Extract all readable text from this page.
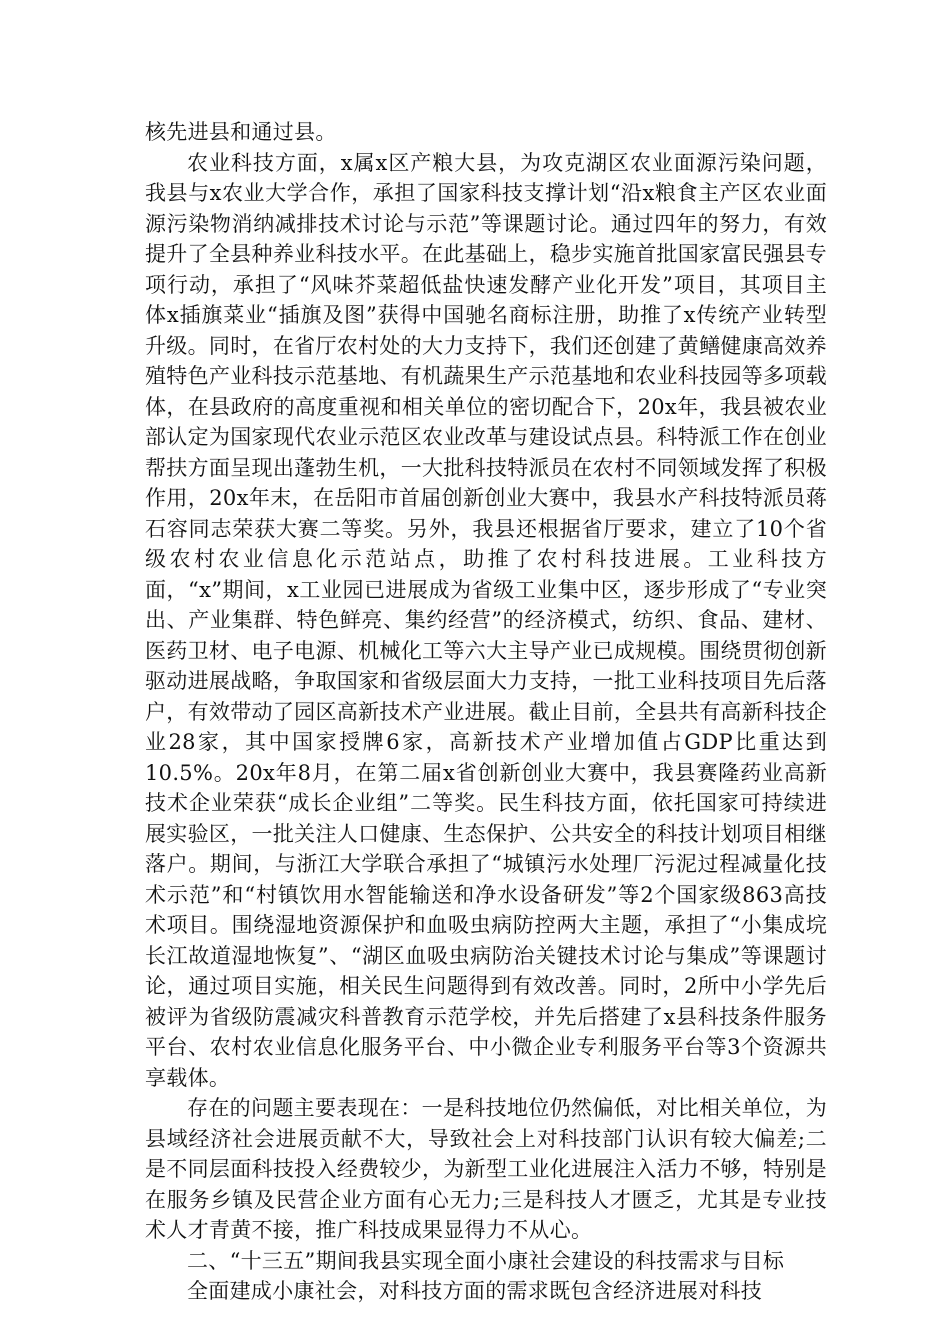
核先进县和通过县。

农业科技方面，x属x区产粮大县，为攻克湖区农业面源污染问题，我县与x农业大学合作，承担了国家科技支撑计划“沿x粮食主产区农业面源污染物消纳减排技术讨论与示范”等课题讨论。通过四年的努力，有效提升了全县种养业科技水平。在此基础上，稳步实施首批国家富民强县专项行动，承担了“风味芥菜超低盐快速发酵产业化开发”项目，其项目主体x插旗菜业“插旗及图”获得中国驰名商标注册，助推了x传统产业转型升级。同时，在省厅农村处的大力支持下，我们还创建了黄鳝健康高效养殖特色产业科技示范基地、有机蔬果生产示范基地和农业科技园等多项载体，在县政府的高度重视和相关单位的密切配合下，20x年，我县被农业部认定为国家现代农业示范区农业改革与建设试点县。科特派工作在创业帮扶方面呈现出蓬勃生机，一大批科技特派员在农村不同领域发挥了积极作用，20x年末，在岳阳市首届创新创业大赛中，我县水产科技特派员蒋石容同志荣获大赛二等奖。另外，我县还根据省厅要求，建立了10个省级农村农业信息化示范站点，助推了农村科技进展。工业科技方面，“x”期间，x工业园已进展成为省级工业集中区，逐步形成了“专业突出、产业集群、特色鲜亮、集约经营”的经济模式，纺织、食品、建材、医药卫材、电子电源、机械化工等六大主导产业已成规模。围绕贯彻创新驱动进展战略，争取国家和省级层面大力支持，一批工业科技项目先后落户，有效带动了园区高新技术产业进展。截止目前，全县共有高新科技企业28家，其中国家授牌6家，高新技术产业增加值占GDP比重达到10.5%。20x年8月，在第二届x省创新创业大赛中，我县赛隆药业高新技术企业荣获“成长企业组”二等奖。民生科技方面，依托国家可持续进展实验区，一批关注人口健康、生态保护、公共安全的科技计划项目相继落户。期间，与浙江大学联合承担了“城镇污水处理厂污泥过程减量化技术示范”和“村镇饮用水智能输送和净水设备研发”等2个国家级863高技术项目。围绕湿地资源保护和血吸虫病防控两大主题，承担了“小集成垸长江故道湿地恢复”、“湖区血吸虫病防治关键技术讨论与集成”等课题讨论，通过项目实施，相关民生问题得到有效改善。同时，2所中小学先后被评为省级防震减灾科普教育示范学校，并先后搭建了x县科技条件服务平台、农村农业信息化服务平台、中小微企业专利服务平台等3个资源共享载体。

存在的问题主要表现在：一是科技地位仍然偏低，对比相关单位，为县域经济社会进展贡献不大，导致社会上对科技部门认识有较大偏差;二是不同层面科技投入经费较少，为新型工业化进展注入活力不够，特别是在服务乡镇及民营企业方面有心无力;三是科技人才匮乏，尤其是专业技术人才青黄不接，推广科技成果显得力不从心。

二、“十三五”期间我县实现全面小康社会建设的科技需求与目标

全面建成小康社会，对科技方面的需求既包含经济进展对科技
